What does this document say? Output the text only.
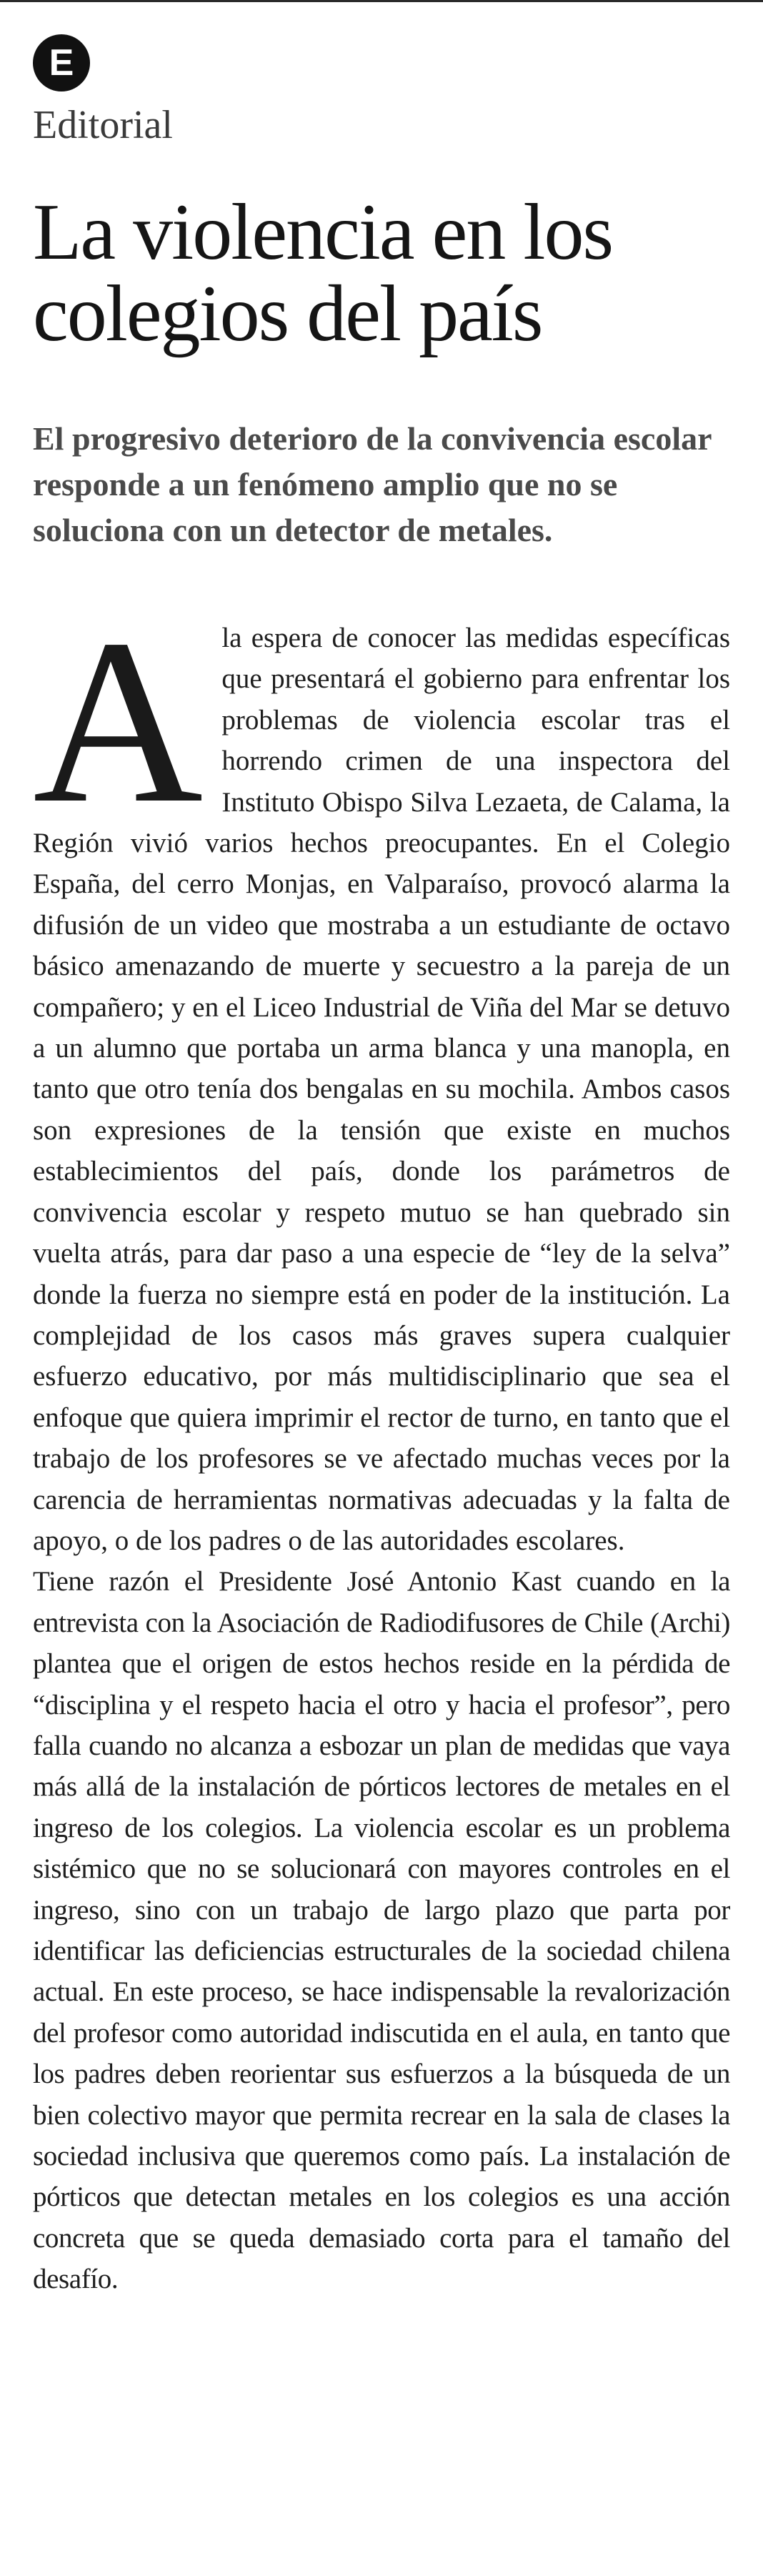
E
Editorial
La violencia en los colegios del país
El progresivo deterioro de la convivencia escolar responde a un fenómeno amplio que no se soluciona con un detector de metales.
A la espera de conocer las medidas específicas que presentará el gobierno para enfrentar los problemas de violencia escolar tras el horrendo crimen de una inspectora del Instituto Obispo Silva Lezaeta, de Calama, la Región vivió varios hechos preocupantes. En el Colegio España, del cerro Monjas, en Valparaíso, provocó alarma la difusión de un video que mostraba a un estudiante de octavo básico amenazando de muerte y secuestro a la pareja de un compañero; y en el Liceo Industrial de Viña del Mar se detuvo a un alumno que portaba un arma blanca y una manopla, en tanto que otro tenía dos bengalas en su mochila. Ambos casos son expresiones de la tensión que existe en muchos establecimientos del país, donde los parámetros de convivencia escolar y respeto mutuo se han quebrado sin vuelta atrás, para dar paso a una especie de “ley de la selva” donde la fuerza no siempre está en poder de la institución. La complejidad de los casos más graves supera cualquier esfuerzo educativo, por más multidisciplinario que sea el enfoque que quiera imprimir el rector de turno, en tanto que el trabajo de los profesores se ve afectado muchas veces por la carencia de herramientas normativas adecuadas y la falta de apoyo, o de los padres o de las autoridades escolares.

Tiene razón el Presidente José Antonio Kast cuando en la entrevista con la Asociación de Radiodifusores de Chile (Archi) plantea que el origen de estos hechos reside en la pérdida de “disciplina y el respeto hacia el otro y hacia el profesor”, pero falla cuando no alcanza a esbozar un plan de medidas que vaya más allá de la instalación de pórticos lectores de metales en el ingreso de los colegios. La violencia escolar es un problema sistémico que no se solucionará con mayores controles en el ingreso, sino con un trabajo de largo plazo que parta por identificar las deficiencias estructurales de la sociedad chilena actual. En este proceso, se hace indispensable la revalorización del profesor como autoridad indiscutida en el aula, en tanto que los padres deben reorientar sus esfuerzos a la búsqueda de un bien colectivo mayor que permita recrear en la sala de clases la sociedad inclusiva que queremos como país. La instalación de pórticos que detectan metales en los colegios es una acción concreta que se queda demasiado corta para el tamaño del desafío.
